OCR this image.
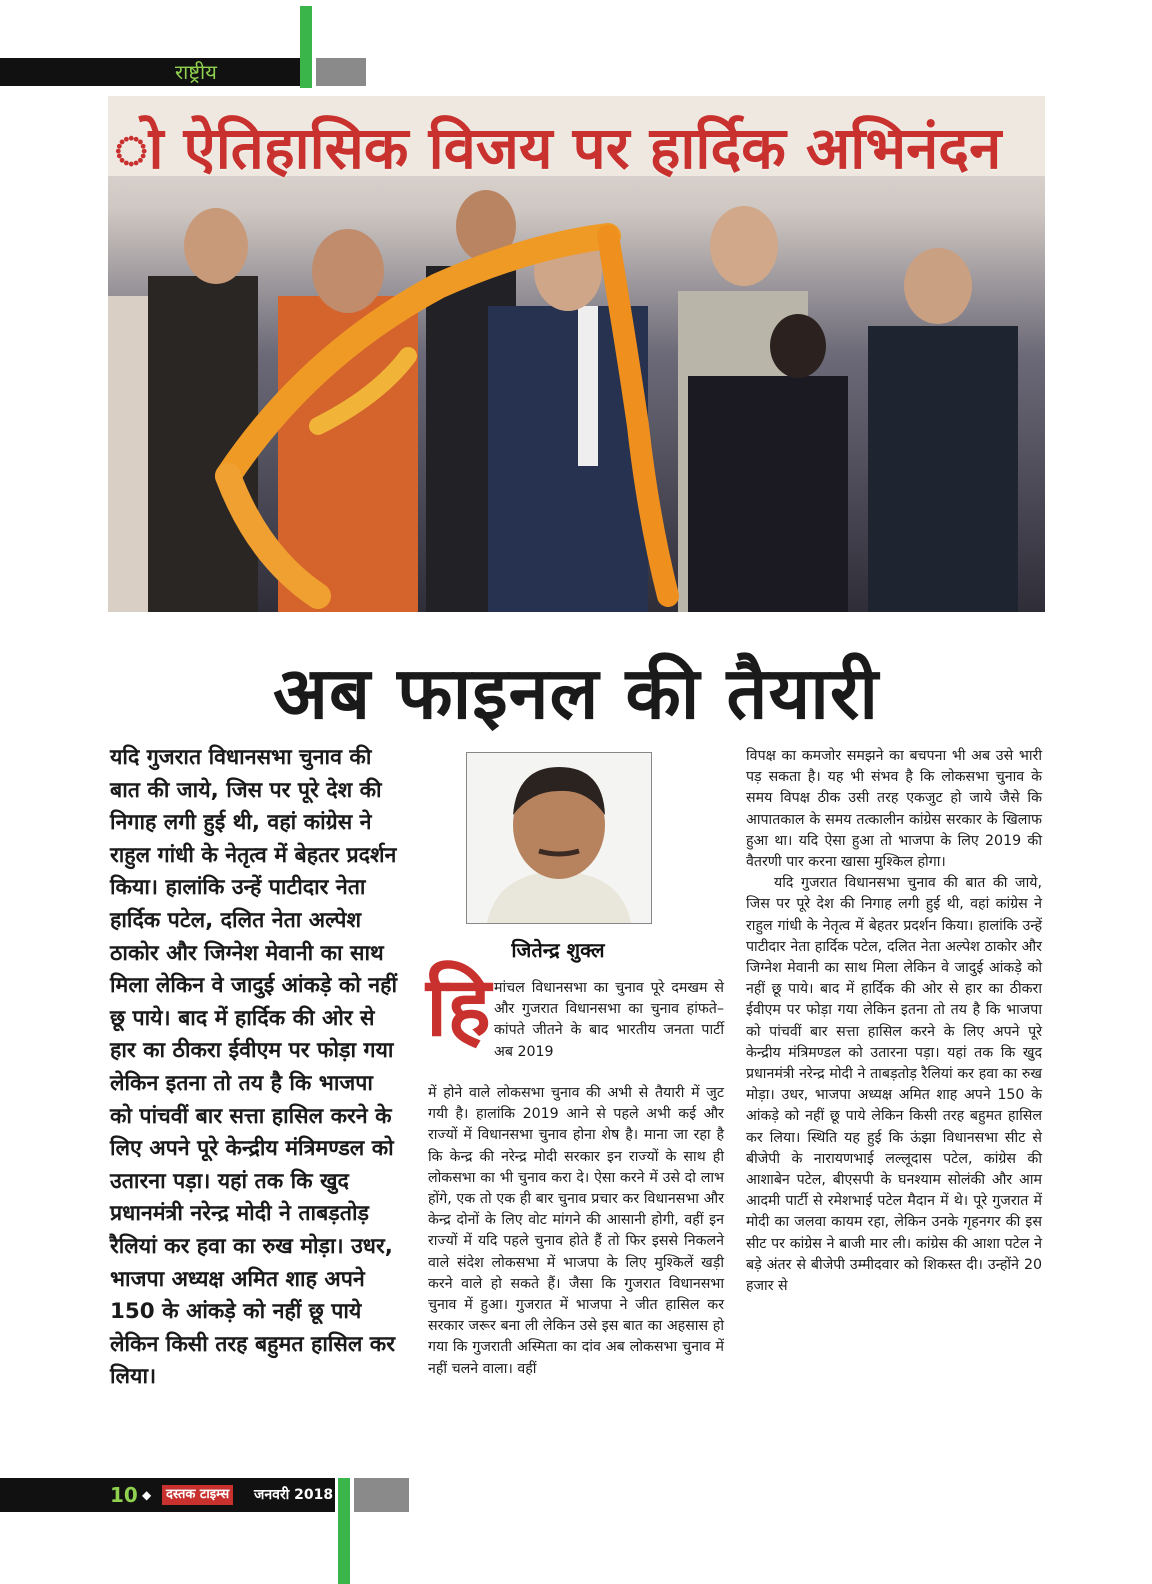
राष्ट्रीय
ो ऐतिहासिक विजय पर हार्दिक अभिनंदन
अब फाइनल की तैयारी
यदि गुजरात विधानसभा चुनाव की बात की जाये, जिस पर पूरे देश की निगाह लगी हुई थी, वहां कांग्रेस ने राहुल गांधी के नेतृत्व में बेहतर प्रदर्शन किया। हालांकि उन्हें पाटीदार नेता हार्दिक पटेल, दलित नेता अल्पेश ठाकोर और जिग्नेश मेवानी का साथ मिला लेकिन वे जादुई आंकड़े को नहीं छू पाये। बाद में हार्दिक की ओर से हार का ठीकरा ईवीएम पर फोड़ा गया लेकिन इतना तो तय है कि भाजपा को पांचवीं बार सत्ता हासिल करने के लिए अपने पूरे केन्द्रीय मंत्रिमण्डल को उतारना पड़ा। यहां तक कि खुद प्रधानमंत्री नरेन्द्र मोदी ने ताबड़तोड़ रैलियां कर हवा का रुख मोड़ा। उधर, भाजपा अध्यक्ष अमित शाह अपने 150 के आंकड़े को नहीं छू पाये लेकिन किसी तरह बहुमत हासिल कर लिया।
जितेन्द्र शुक्ल
हि मांचल विधानसभा का चुनाव पूरे दमखम से और गुजरात विधानसभा का चुनाव हांफते–कांपते जीतने के बाद भारतीय जनता पार्टी अब 2019
में होने वाले लोकसभा चुनाव की अभी से तैयारी में जुट गयी है। हालांकि 2019 आने से पहले अभी कई और राज्यों में विधानसभा चुनाव होना शेष है। माना जा रहा है कि केन्द्र की नरेन्द्र मोदी सरकार इन राज्यों के साथ ही लोकसभा का भी चुनाव करा दे। ऐसा करने में उसे दो लाभ होंगे, एक तो एक ही बार चुनाव प्रचार कर विधानसभा और केन्द्र दोनों के लिए वोट मांगने की आसानी होगी, वहीं इन राज्यों में यदि पहले चुनाव होते हैं तो फिर इससे निकलने वाले संदेश लोकसभा में भाजपा के लिए मुश्किलें खड़ी करने वाले हो सकते हैं। जैसा कि गुजरात विधानसभा चुनाव में हुआ। गुजरात में भाजपा ने जीत हासिल कर सरकार जरूर बना ली लेकिन उसे इस बात का अहसास हो गया कि गुजराती अस्मिता का दांव अब लोकसभा चुनाव में नहीं चलने वाला। वहीं

विपक्ष का कमजोर समझने का बचपना भी अब उसे भारी पड़ सकता है। यह भी संभव है कि लोकसभा चुनाव के समय विपक्ष ठीक उसी तरह एकजुट हो जाये जैसे कि आपातकाल के समय तत्कालीन कांग्रेस सरकार के खिलाफ हुआ था। यदि ऐसा हुआ तो भाजपा के लिए 2019 की वैतरणी पार करना खासा मुश्किल होगा।

यदि गुजरात विधानसभा चुनाव की बात की जाये, जिस पर पूरे देश की निगाह लगी हुई थी, वहां कांग्रेस ने राहुल गांधी के नेतृत्व में बेहतर प्रदर्शन किया। हालांकि उन्हें पाटीदार नेता हार्दिक पटेल, दलित नेता अल्पेश ठाकोर और जिग्नेश मेवानी का साथ मिला लेकिन वे जादुई आंकड़े को नहीं छू पाये। बाद में हार्दिक की ओर से हार का ठीकरा ईवीएम पर फोड़ा गया लेकिन इतना तो तय है कि भाजपा को पांचवीं बार सत्ता हासिल करने के लिए अपने पूरे केन्द्रीय मंत्रिमण्डल को उतारना पड़ा। यहां तक कि खुद प्रधानमंत्री नरेन्द्र मोदी ने ताबड़तोड़ रैलियां कर हवा का रुख मोड़ा। उधर, भाजपा अध्यक्ष अमित शाह अपने 150 के आंकड़े को नहीं छू पाये लेकिन किसी तरह बहुमत हासिल कर लिया। स्थिति यह हुई कि ऊंझा विधानसभा सीट से बीजेपी के नारायणभाई लल्लूदास पटेल, कांग्रेस की आशाबेन पटेल, बीएसपी के घनश्याम सोलंकी और आम आदमी पार्टी से रमेशभाई पटेल मैदान में थे। पूरे गुजरात में मोदी का जलवा कायम रहा, लेकिन उनके गृहनगर की इस सीट पर कांग्रेस ने बाजी मार ली। कांग्रेस की आशा पटेल ने बड़े अंतर से बीजेपी उम्मीदवार को शिकस्त दी। उन्होंने 20 हजार से

10 ◆	दस्तक टाइम्स जनवरी 2018
